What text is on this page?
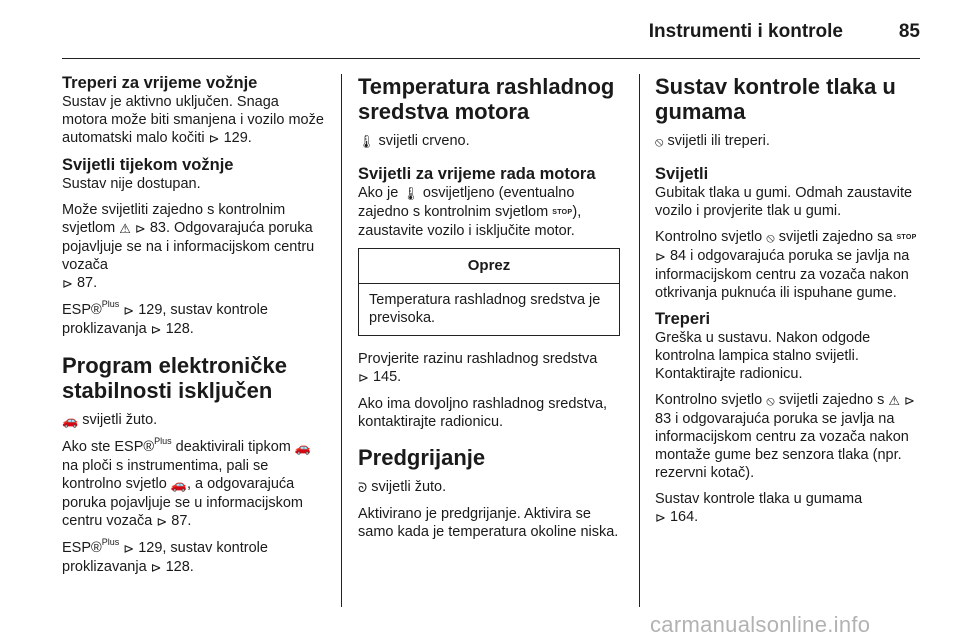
Instrumenti i kontrole	85
Treperi za vrijeme vožnje

Sustav je aktivno uključen. Snaga motora može biti smanjena i vozilo može automatski malo kočiti ⊳ 129.

Svijetli tijekom vožnje

Sustav nije dostupan.

Može svijetliti zajedno s kontrolnim svjetlom ⚠ ⊳ 83. Odgovarajuća poruka pojavljuje se na i informacijskom centru vozača
⊳ 87.

ESP®$^{Plus}$ ⊳ 129, sustav kontrole proklizavanja ⊳ 128.

Program elektroničke stabilnosti isključen

🚗 svijetli žuto.

Ako ste ESP®$^{Plus}$ deaktivirali tipkom 🚗 na ploči s instrumentima, pali se kontrolno svjetlo 🚗, a odgovarajuća poruka pojavljuje se u informacijskom centru vozača ⊳ 87.

ESP®$^{Plus}$ ⊳ 129, sustav kontrole proklizavanja ⊳ 128.

Temperatura rashladnog sredstva motora

🌡 svijetli crveno.

Svijetli za vrijeme rada motora

Ako je 🌡 osvijetljeno (eventualno zajedno s kontrolnim svjetlom STOP), zaustavite vozilo i isključite motor.

Oprez
Temperatura rashladnog sredstva je previsoka.

Provjerite razinu rashladnog sredstva
⊳ 145.

Ako ima dovoljno rashladnog sredstva, kontaktirajte radionicu.

Predgrijanje

ᘐ svijetli žuto.

Aktivirano je predgrijanje. Aktivira se samo kada je temperatura okoline niska.

Sustav kontrole tlaka u gumama

⦸ svijetli ili treperi.

Svijetli

Gubitak tlaka u gumi. Odmah zaustavite vozilo i provjerite tlak u gumi.

Kontrolno svjetlo ⦸ svijetli zajedno sa STOP ⊳ 84 i odgovarajuća poruka se javlja na informacijskom centru za vozača nakon otkrivanja puknuća ili ispuhane gume.

Treperi

Greška u sustavu. Nakon odgode kontrolna lampica stalno svijetli. Kontaktirajte radionicu.

Kontrolno svjetlo ⦸ svijetli zajedno s ⚠ ⊳ 83 i odgovarajuća poruka se javlja na informacijskom centru za vozača nakon montaže gume bez senzora tlaka (npr. rezervni kotač).

Sustav kontrole tlaka u gumama
⊳ 164.

carmanualsonline.info
